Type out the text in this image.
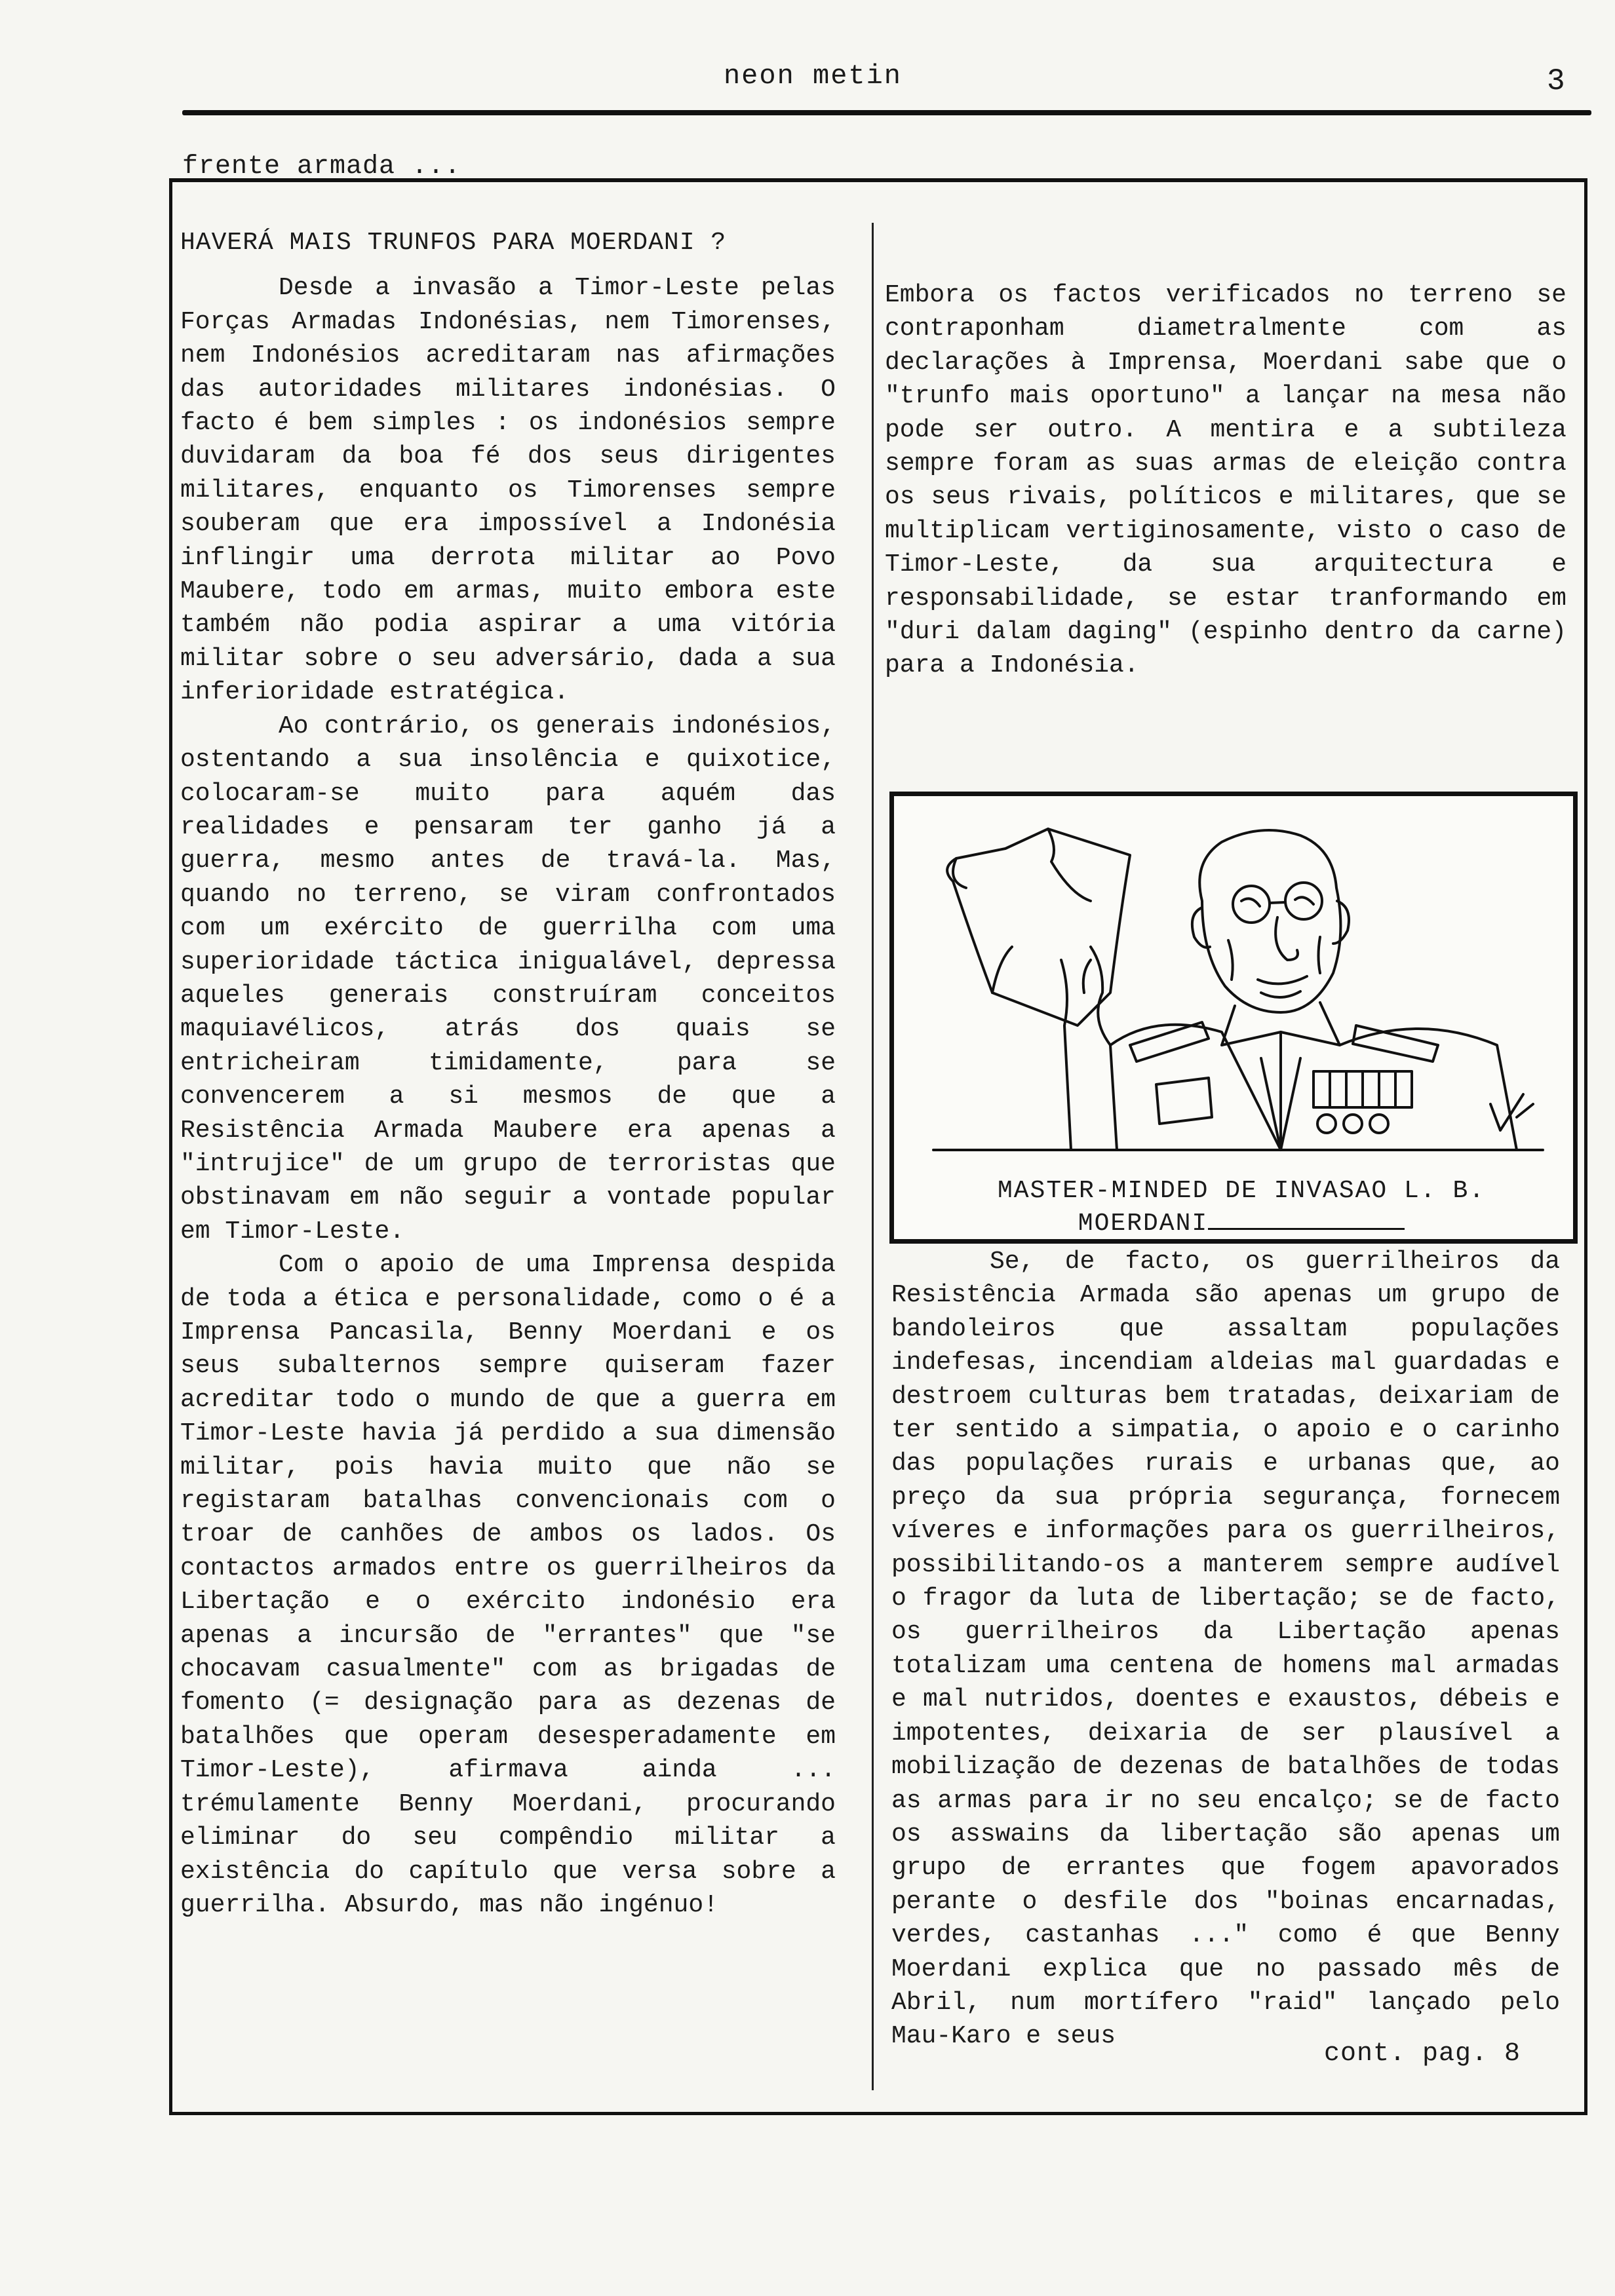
neon metin	3
frente armada ...

HAVERÁ MAIS TRUNFOS PARA MOERDANI ?

Desde a invasão a Timor-Leste pelas Forças Armadas Indonésias, nem Timorenses, nem Indonésios acreditaram nas afirmações das autoridades militares indonésias. O facto é bem simples : os indonésios sempre duvidaram da boa fé dos seus dirigentes militares, enquanto os Timorenses sempre souberam que era impossível a Indonésia inflingir uma derrota militar ao Povo Maubere, todo em armas, muito embora este também não podia aspirar a uma vitória militar sobre o seu adversário, dada a sua inferioridade estratégica.

Ao contrário, os generais indonésios, ostentando a sua insolência e quixotice, colocaram-se muito para aquém das realidades e pensaram ter ganho já a guerra, mesmo antes de travá-la. Mas, quando no terreno, se viram confrontados com um exército de guerrilha com uma superioridade táctica inigualável, depressa aqueles generais construíram conceitos maquiavélicos, atrás dos quais se entricheiram timidamente, para se convencerem a si mesmos de que a Resistência Armada Maubere era apenas a "intrujice" de um grupo de terroristas que obstinavam em não seguir a vontade popular em Timor-Leste.

Com o apoio de uma Imprensa despida de toda a ética e personalidade, como o é a Imprensa Pancasila, Benny Moerdani e os seus subalternos sempre quiseram fazer acreditar todo o mundo de que a guerra em Timor-Leste havia já perdido a sua dimensão militar, pois havia muito que não se registaram batalhas convencionais com o troar de canhões de ambos os lados. Os contactos armados entre os guerrilheiros da Libertação e o exército indonésio era apenas a incursão de "errantes" que "se chocavam casualmente" com as brigadas de fomento (= designação para as dezenas de batalhões que operam desesperadamente em Timor-Leste), afirmava ainda ... trémulamente Benny Moerdani, procurando eliminar do seu compêndio militar a existência do capítulo que versa sobre a guerrilha. Absurdo, mas não ingénuo!

Embora os factos verificados no terreno se contraponham diametralmente com as declarações à Imprensa, Moerdani sabe que o "trunfo mais oportuno" a lançar na mesa não pode ser outro. A mentira e a subtileza sempre foram as suas armas de eleição contra os seus rivais, políticos e militares, que se multiplicam vertiginosamente, visto o caso de Timor-Leste, da sua arquitectura e responsabilidade, se estar tranformando em "duri dalam daging" (espinho dentro da carne) para a Indonésia.

MASTER-MINDED DE INVASAO L. B.
MOERDANI

Se, de facto, os guerrilheiros da Resistência Armada são apenas um grupo de bandoleiros que assaltam populações indefesas, incendiam aldeias mal guardadas e destroem culturas bem tratadas, deixariam de ter sentido a simpatia, o apoio e o carinho das populações rurais e urbanas que, ao preço da sua própria segurança, fornecem víveres e informações para os guerrilheiros, possibilitando-os a manterem sempre audível o fragor da luta de libertação; se de facto, os guerrilheiros da Libertação apenas totalizam uma centena de homens mal armadas e mal nutridos, doentes e exaustos, débeis e impotentes, deixaria de ser plausível a mobilização de dezenas de batalhões de todas as armas para ir no seu encalço; se de facto os asswains da libertação são apenas um grupo de errantes que fogem apavorados perante o desfile dos "boinas encarnadas, verdes, castanhas ..." como é que Benny Moerdani explica que no passado mês de Abril, num mortífero "raid" lançado pelo Mau-Karo e seus

cont. pag. 8
